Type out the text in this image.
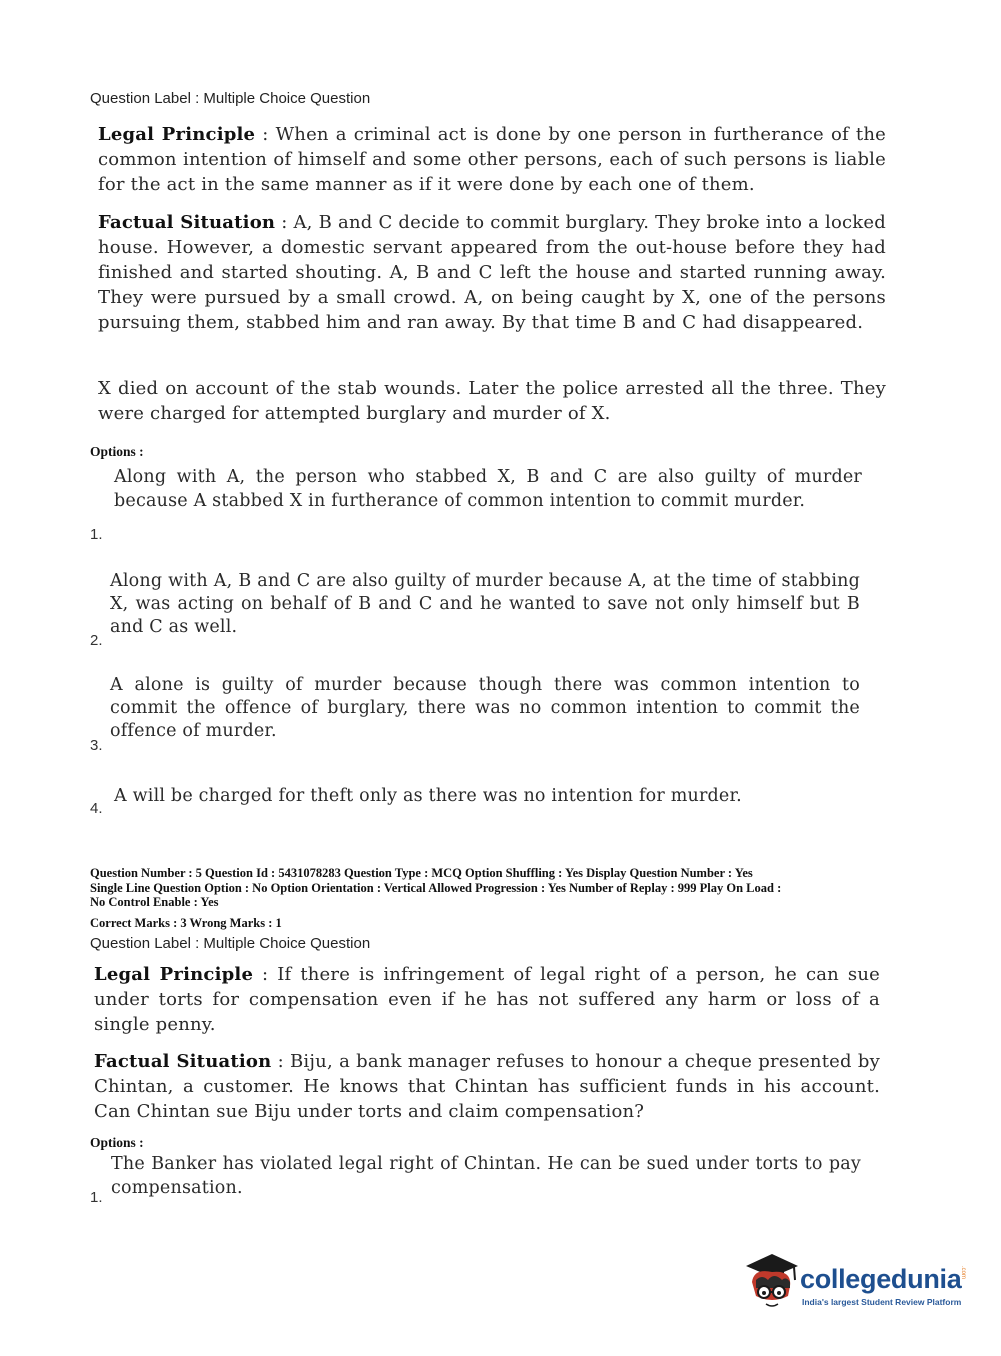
Question Label : Multiple Choice Question
Legal Principle : When a criminal act is done by one person in furtherance of the common intention of himself and some other persons, each of such persons is liable for the act in the same manner as if it were done by each one of them.
Factual Situation : A, B and C decide to commit burglary. They broke into a locked house. However, a domestic servant appeared from the out-house before they had finished and started shouting. A, B and C left the house and started running away. They were pursued by a small crowd. A, on being caught by X, one of the persons pursuing them, stabbed him and ran away. By that time B and C had disappeared.
X died on account of the stab wounds. Later the police arrested all the three. They were charged for attempted burglary and murder of X.
Options :
1.
Along with A, the person who stabbed X, B and C are also guilty of murder because A stabbed X in furtherance of common intention to commit murder.
2.
Along with A, B and C are also guilty of murder because A, at the time of stabbing X, was acting on behalf of B and C and he wanted to save not only himself but B and C as well.
3.
A alone is guilty of murder because though there was common intention to commit the offence of burglary, there was no common intention to commit the offence of murder.
4.
A will be charged for theft only as there was no intention for murder.
Question Number : 5 Question Id : 5431078283 Question Type : MCQ Option Shuffling : Yes Display Question Number : Yes
Single Line Question Option : No Option Orientation : Vertical Allowed Progression : Yes Number of Replay : 999 Play On Load :
No Control Enable : Yes
Correct Marks : 3 Wrong Marks : 1
Question Label : Multiple Choice Question
Legal Principle : If there is infringement of legal right of a person, he can sue under torts for compensation even if he has not suffered any harm or loss of a single penny.
Factual Situation : Biju, a bank manager refuses to honour a cheque presented by Chintan, a customer. He knows that Chintan has sufficient funds in his account. Can Chintan sue Biju under torts and claim compensation?
Options :
1.
The Banker has violated legal right of Chintan. He can be sued under torts to pay compensation.
collegedunia
.com
India's largest Student Review Platform
